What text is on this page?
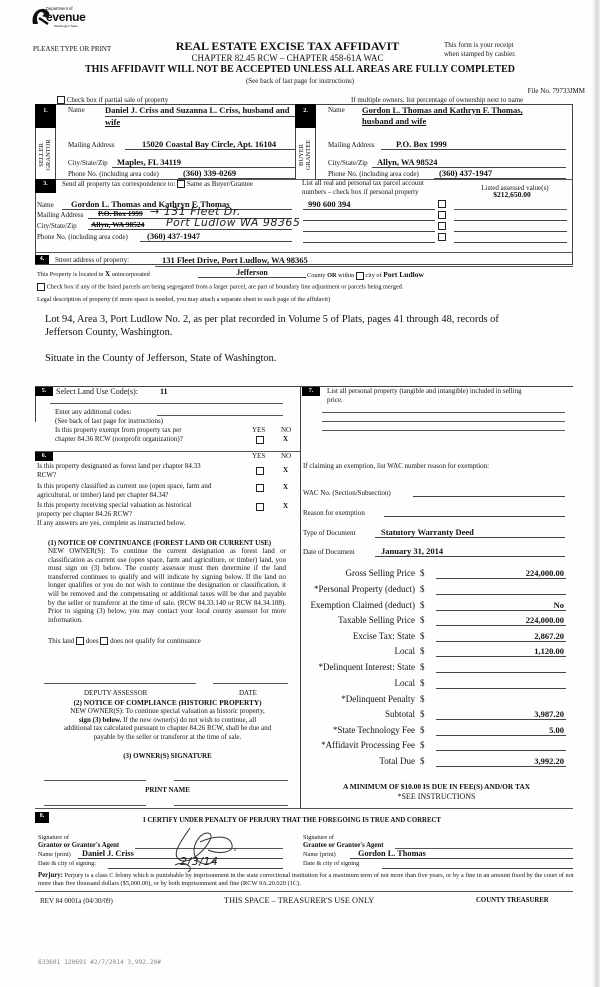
Department of
evenue
Washington State
PLEASE TYPE OR PRINT	REAL ESTATE EXCISE TAX AFFIDAVIT
CHAPTER 82.45 RCW – CHAPTER 458-61A WAC
This form is your receipt
when stamped by cashier.
THIS AFFIDAVIT WILL NOT BE ACCEPTED UNLESS ALL AREAS ARE FULLY COMPLETED
(See back of last page for instructions)
File No. 79733JMM
Check box if partial sale of property	If multiple owners, list percentage of ownership next to name
1.
SELLER
GRANTOR
Name Daniel J. Criss and Suzanna L. Criss, husband and
wife
Mailing Address	15020 Coastal Bay Circle, Apt. 16104
City/State/Zip	Maples, FL 34119
Phone No. (including area code)	(360) 339-0269
2.
BUYER
GRANTEE
Name Gordon L. Thomas and Kathryn F. Thomas,
husband and wife
Mailing Address	P.O. Box 1999
City/State/Zip	Allyn, WA 98524
Phone No. (including area code)	(360) 437-1947
3.	Send all property tax correspondence to: Same as Buyer/Grantee	List all real and personal tax parcel account
numbers – check box if personal property	Listed assessed value(s)
Name	Gordon L. Thomas and Kathryn F. Thomas
Mailing Address P.O. Box 1999 → 131 Fleet Dr.
City/State/Zip Allyn, WA 98524 Port Ludlow WA 98365
Phone No. (including area code)	(360) 437-1947
990 600 394
$212,650.00
4.	Street address of property:	131 Fleet Drive, Port Ludlow, WA 98365
This Property is located in X unincorporated	Jefferson	County OR within city of Port Ludlow
Check box if any of the listed parcels are being segregated from a larger parcel, are part of boundary line adjustment or parcels being merged.
Legal description of property (if more space is needed, you may attach a separate sheet to each page of the affidavit)
Lot 94, Area 3, Port Ludlow No. 2, as per plat recorded in Volume 5 of Plats, pages 41 through 48, records of
Jefferson County, Washington.
Situate in the County of Jefferson, State of Washington.
5.	Select Land Use Code(s):	11
Enter any additional codes:
(See back of last page for instructions)
Is this property exempt from property tax per
chapter 84.36 RCW (nonprofit organization)?
YES NO
X
6.	YES NO
Is this property designated as forest land per chapter 84.33
RCW?
X
Is this property classified as current use (open space, farm and
agricultural, or timber) land per chapter 84.34?
X
Is this property receiving special valuation as historical
property per chapter 84.26 RCW?
X
If any answers are yes, complete as instructed below.
(1) NOTICE OF CONTINUANCE (FOREST LAND OR CURRENT USE)
NEW OWNER(S): To continue the current designation as forest land or classification as current use (open space, farm and agriculture, or timber) land, you must sign on (3) below. The county assessor must then determine if the land transferred continues to qualify and will indicate by signing below. If the land no longer qualifies or you do not wish to continue the designation or classification, it will be removed and the compensating or additional taxes will be due and payable by the seller or transferor at the time of sale. (RCW 84.33.140 or RCW 84.34.108). Prior to signing (3) below, you may contact your local county assessor for more information.
This land does does not qualify for continuance
DEPUTY ASSESSOR	DATE
(2) NOTICE OF COMPLIANCE (HISTORIC PROPERTY)
NEW OWNER(S): To continue special valuation as historic property,
sign (3) below. If the new owner(s) do not wish to continue, all
additional tax calculated pursuant to chapter 84.26 RCW, shall be due and
payable by the seller or transferor at the time of sale.
(3) OWNER(S) SIGNATURE
PRINT NAME
7.	List all personal property (tangible and intangible) included in selling
price.
If claiming an exemption, list WAC number reason for exemption:
WAC No. (Section/Subsection)
Reason for exemption
Type of Document	Statutory Warranty Deed
Date of Document	January 31, 2014
Gross Selling Price $	224,000.00
*Personal Property (deduct) $
Exemption Claimed (deduct) $	No
Taxable Selling Price $	224,000.00
Excise Tax: State $	2,867.20
Local $	1,120.00
*Delinquent Interest: State $
Local $
*Delinquent Penalty $
Subtotal $	3,987.20
*State Technology Fee $	5.00
*Affidavit Processing Fee $
Total Due $	3,992.20
A MINIMUM OF $10.00 IS DUE IN FEE(S) AND/OR TAX
*SEE INSTRUCTIONS
8.
I CERTIFY UNDER PENALTY OF PERJURY THAT THE FOREGOING IS TRUE AND CORRECT
Signature of
Grantor or Grantor's Agent
Name (print)	Daniel J. Criss
Date & city of signing:	2/3/14
Signature of
Grantee or Grantee's Agent
Name (print)	Gordon L. Thomas
Date & city of signing
Perjury: Perjury is a class C felony which is punishable by imprisonment in the state correctional institution for a maximum term of not more than five years, or by a fine in an amount fixed by the court of not more than five thousand dollars ($5,000.00), or by both imprisonment and fine (RCW 9A.20.020 (1C).
REV 84 0001a (04/30/09)	THIS SPACE – TREASURER'S USE ONLY	COUNTY TREASURER
633601 120691 #2/7/2014 3,992.20#
